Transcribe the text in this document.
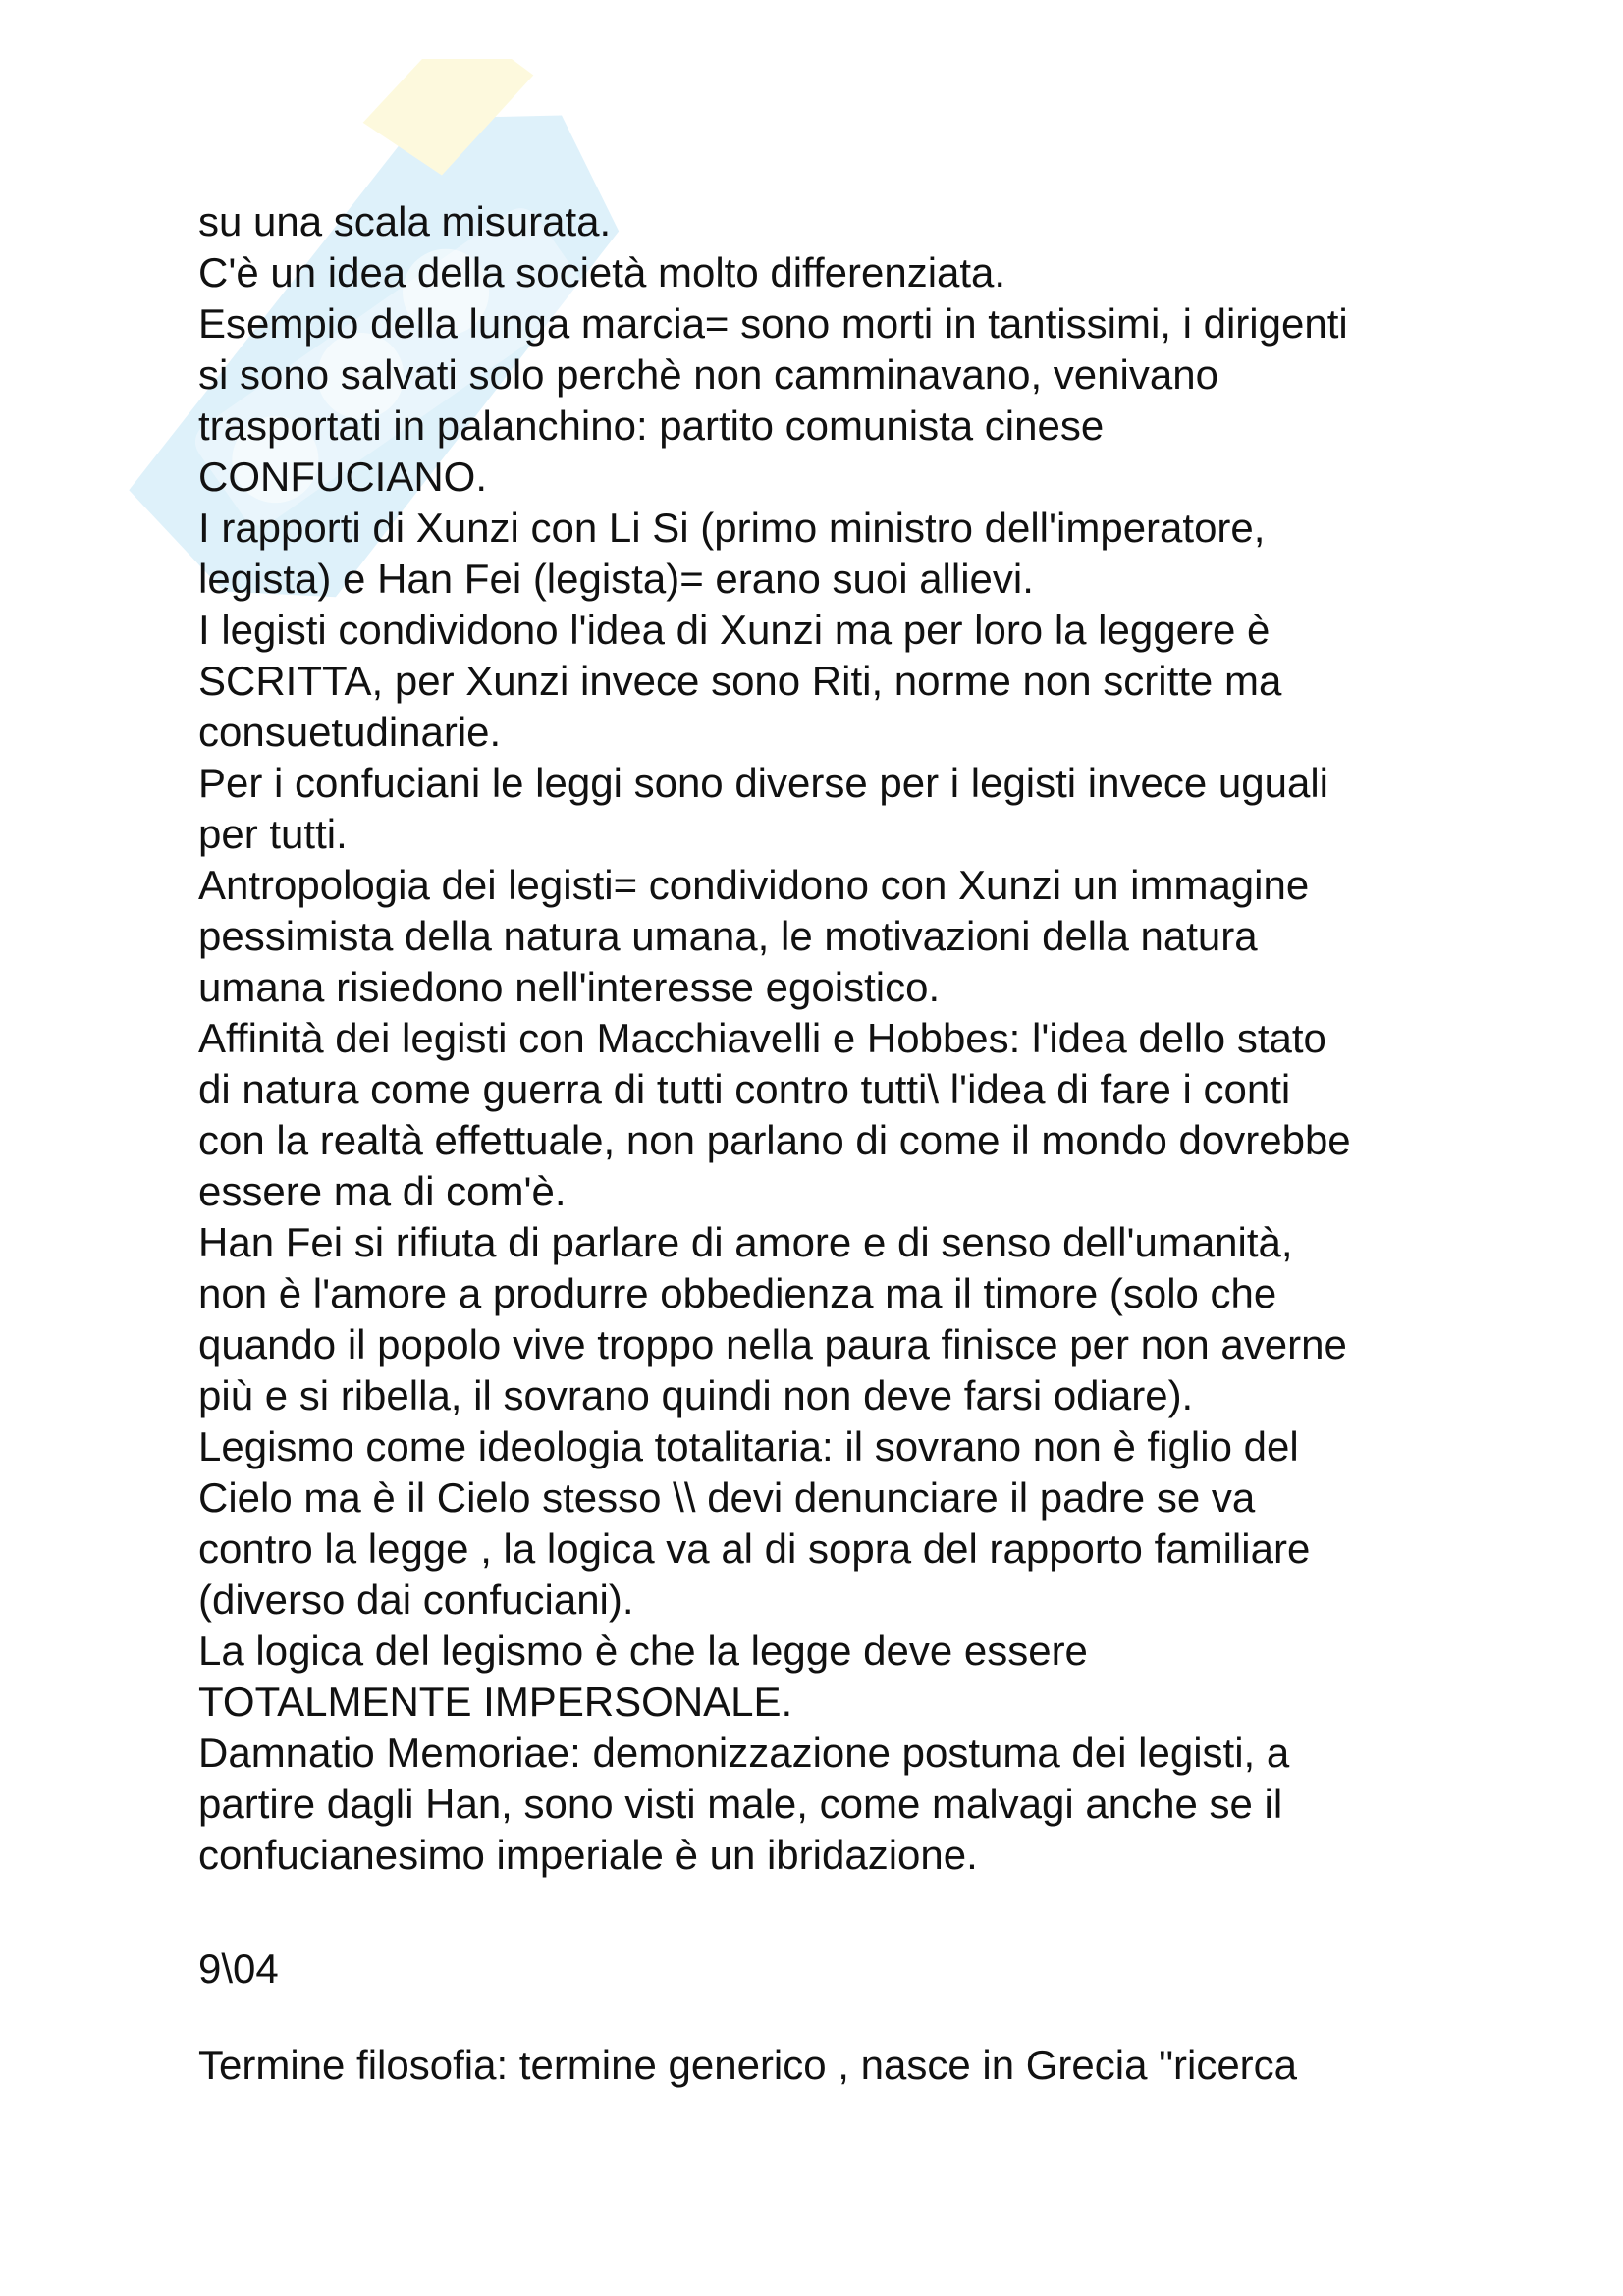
su una scala misurata.
C'è un idea della società molto differenziata.
Esempio della lunga marcia= sono morti in tantissimi, i dirigenti
si sono salvati solo perchè non camminavano, venivano
trasportati in palanchino: partito comunista cinese
CONFUCIANO.
I rapporti di Xunzi con Li Si (primo ministro dell'imperatore,
legista) e Han Fei (legista)= erano suoi allievi.
I legisti condividono l'idea di Xunzi ma per loro la leggere è
SCRITTA, per Xunzi invece sono Riti, norme non scritte ma
consuetudinarie.
Per i confuciani le leggi sono diverse per i legisti invece uguali
per tutti.
Antropologia dei legisti= condividono con Xunzi un immagine
pessimista della natura umana, le motivazioni della natura
umana risiedono nell'interesse egoistico.
Affinità dei legisti con Macchiavelli e Hobbes: l'idea dello stato
di natura come guerra di tutti contro tutti\ l'idea di fare i conti
con la realtà effettuale, non parlano di come il mondo dovrebbe
essere ma di com'è.
Han Fei si rifiuta di parlare di amore e di senso dell'umanità,
non è l'amore a produrre obbedienza ma il timore (solo che
quando il popolo vive troppo nella paura finisce per non averne
più e si ribella, il sovrano quindi non deve farsi odiare).
Legismo come ideologia totalitaria: il sovrano non è figlio del
Cielo ma è il Cielo stesso \\ devi denunciare il padre se va
contro la legge , la logica va al di sopra del rapporto familiare
(diverso dai confuciani).
La logica del legismo è che la legge deve essere
TOTALMENTE IMPERSONALE.
Damnatio Memoriae: demonizzazione postuma dei legisti, a
partire dagli Han, sono visti male, come malvagi anche se il
confucianesimo imperiale è un ibridazione.
9\04
Termine filosofia: termine generico , nasce in Grecia "ricerca
